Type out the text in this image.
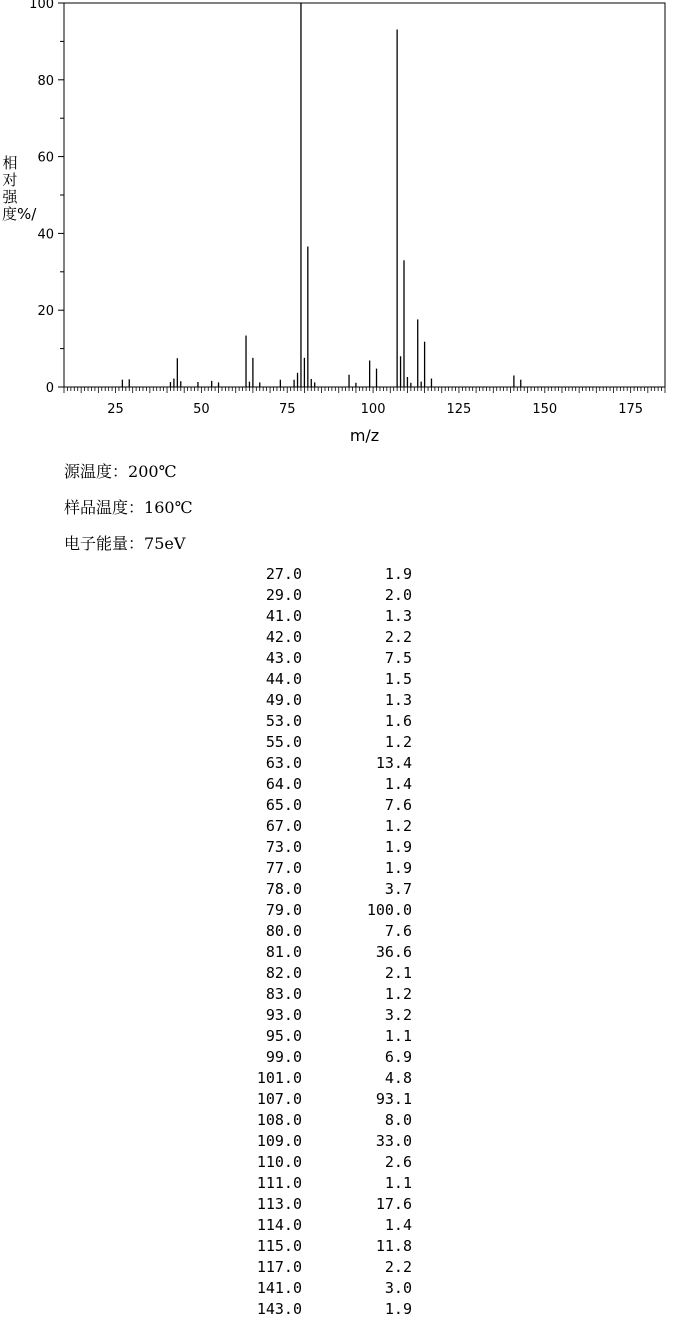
0
20
40
60
80
100
25	50	75	100	125	150	175
m/z
相对强度%/
源温度：200℃
样品温度：160℃
电子能量：75eV
27.0	1.9
29.0	2.0
41.0	1.3
42.0	2.2
43.0	7.5
44.0	1.5
49.0	1.3
53.0	1.6
55.0	1.2
63.0	13.4
64.0	1.4
65.0	7.6
67.0	1.2
73.0	1.9
77.0	1.9
78.0	3.7
79.0	100.0
80.0	7.6
81.0	36.6
82.0	2.1
83.0	1.2
93.0	3.2
95.0	1.1
99.0	6.9
101.0	4.8
107.0	93.1
108.0	8.0
109.0	33.0
110.0	2.6
111.0	1.1
113.0	17.6
114.0	1.4
115.0	11.8
117.0	2.2
141.0	3.0
143.0	1.9
